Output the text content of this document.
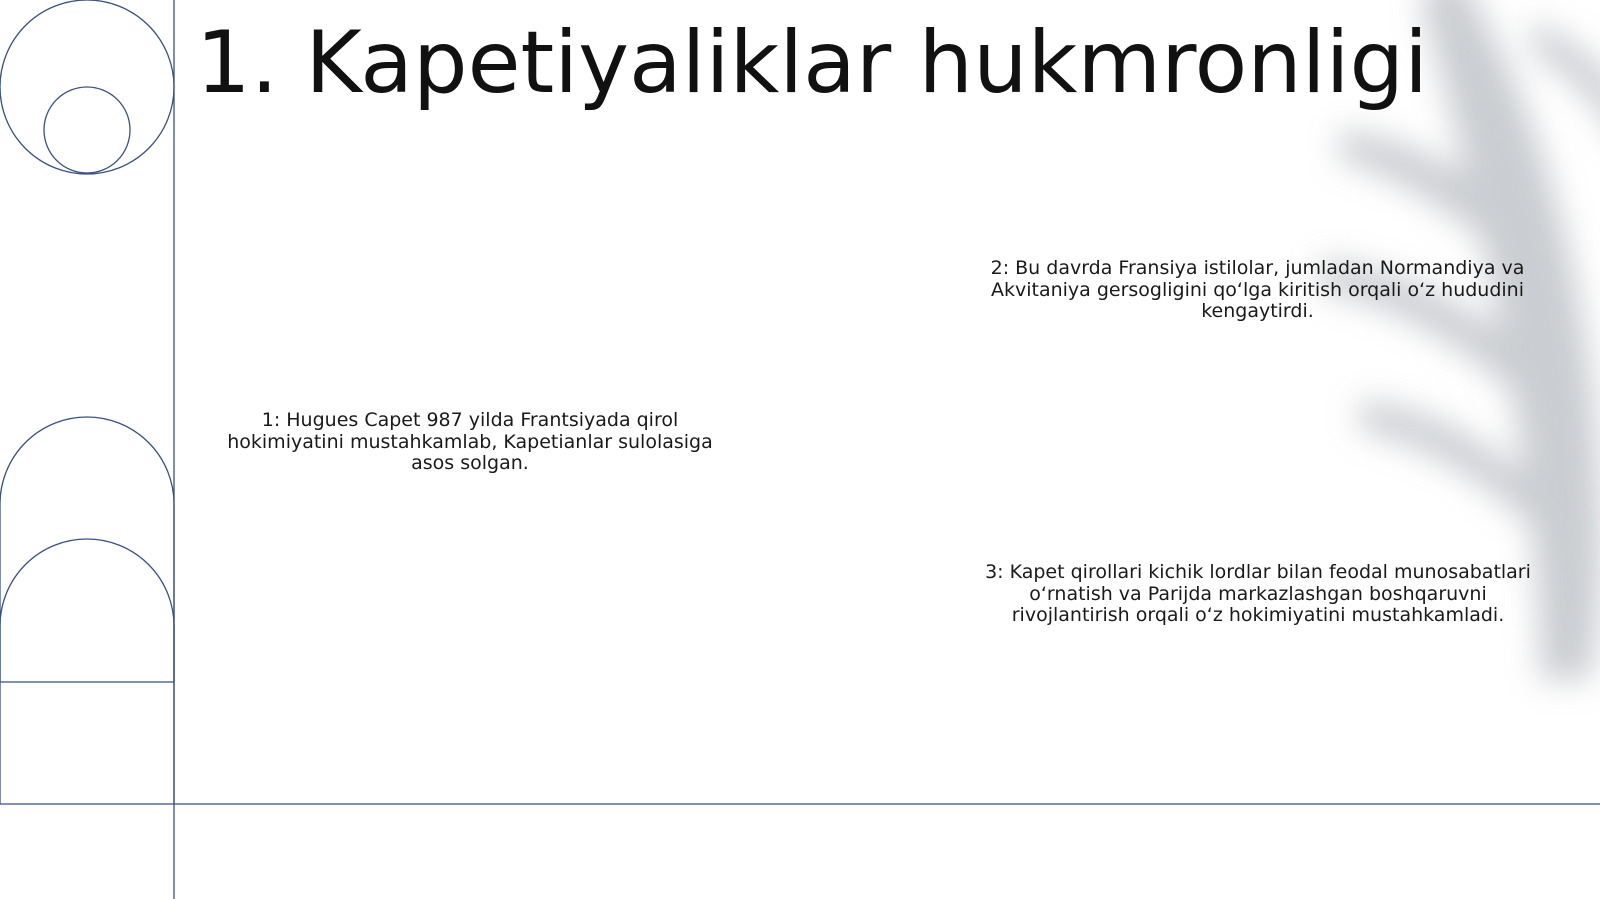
1. Kapetiyaliklar hukmronligi

1: Hugues Capet 987 yilda Frantsiyada qirol hokimiyatini mustahkamlab, Kapetianlar sulolasiga asos solgan.

2: Bu davrda Fransiya istilolar, jumladan Normandiya va Akvitaniya gersogligini qo‘lga kiritish orqali o‘z hududini kengaytirdi.

3: Kapet qirollari kichik lordlar bilan feodal munosabatlari o‘rnatish va Parijda markazlashgan boshqaruvni rivojlantirish orqali o‘z hokimiyatini mustahkamladi.
